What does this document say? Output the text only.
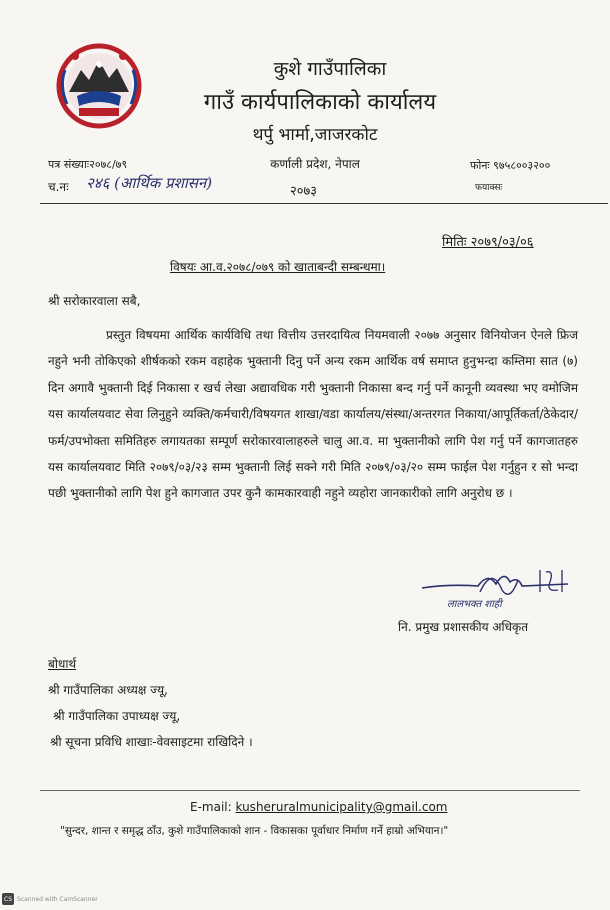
कुशे गाउँपालिका
गाउँ कार्यपालिकाको कार्यालय
थर्पु भार्मा,जाजरकोट
कर्णाली प्रदेश, नेपाल
पत्र संख्याः२०७८/७९
च.नः २४६ (आर्थिक प्रशासन)	२०७३
फोनः ९७५८००३२००
फयाक्सः
मितिः २०७९/०३/०६
विषयः आ.व.२०७८/०७९ को खाताबन्दी सम्बन्धमा।
श्री सरोकारवाला सबै,
प्रस्तुत विषयमा आर्थिक कार्यविधि तथा वित्तीय उत्तरदायित्व नियमवाली २०७७ अनुसार विनियोजन ऐनले फ्रिज नहुने भनी तोकिएको शीर्षकको रकम वहाहेक भुक्तानी दिनु पर्ने अन्य रकम आर्थिक वर्ष समाप्त हुनुभन्दा कम्तिमा सात (७) दिन अगावै भुक्तानी दिई निकासा र खर्च लेखा अद्यावधिक गरी भुक्तानी निकासा बन्द गर्नु पर्ने कानूनी व्यवस्था भए वमोजिम यस कार्यालयवाट सेवा लिनुहुने व्यक्ति/कर्मचारी/विषयगत शाखा/वडा कार्यालय/संस्था/अन्तरगत निकाया/आपूर्तिकर्ता/ठेकेदार/फर्म/उपभोक्ता समितिहरु लगायतका सम्पूर्ण सरोकारवालाहरुले चालु आ.व. मा भुक्तानीको लागि पेश गर्नु पर्ने कागजातहरु यस कार्यालयवाट मिति २०७९/०३/२३ सम्म भुक्तानी लिई सक्ने गरी मिति २०७९/०३/२० सम्म फाईल पेश गर्नुहुन र सो भन्दा पछी भुक्तानीको लागि पेश हुने कागजात उपर कुनै कामकारवाही नहुने व्यहोरा जानकारीको लागि अनुरोध छ ।
लालभक्त शाही
नि. प्रमुख प्रशासकीय अधिकृत
बोधार्थ
श्री गाउँपालिका अध्यक्ष ज्यू,
श्री गाउँपालिका उपाध्यक्ष ज्यू,
श्री सूचना प्रविधि शाखाः-वेवसाइटमा राखिदिने ।
E-mail: kusheruralmunicipality@gmail.com
"सुन्दर, शान्त र समृद्ध ठाँउ, कुशे गाउँपालिकाको शान - विकासका पूर्वाधार निर्माण गर्ने हाम्रो अभियान।"
CS Scanned with CamScanner
